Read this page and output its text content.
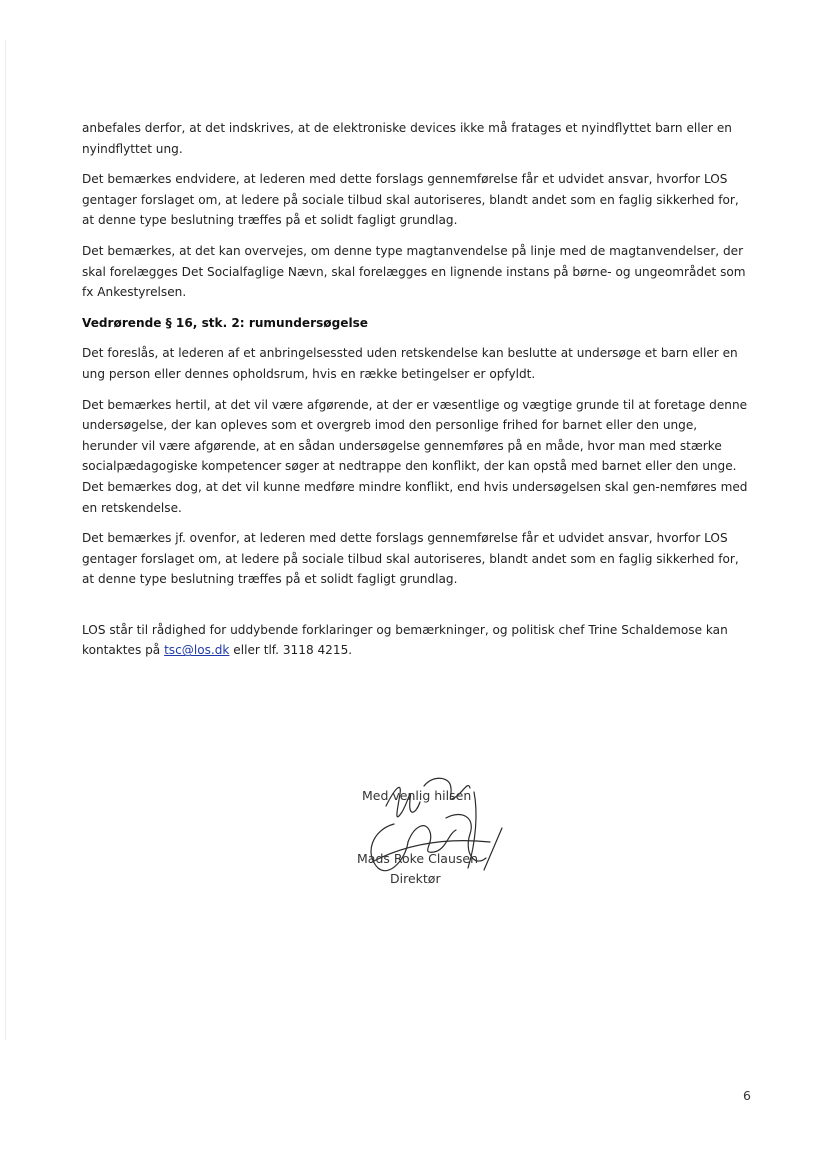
anbefales derfor, at det indskrives, at de elektroniske devices ikke må fratages et nyindflyttet barn eller en nyindflyttet ung.

Det bemærkes endvidere, at lederen med dette forslags gennemførelse får et udvidet ansvar, hvorfor LOS gentager forslaget om, at ledere på sociale tilbud skal autoriseres, blandt andet som en faglig sikkerhed for, at denne type beslutning træffes på et solidt fagligt grundlag.

Det bemærkes, at det kan overvejes, om denne type magtanvendelse på linje med de magtanvendelser, der skal forelægges Det Socialfaglige Nævn, skal forelægges en lignende instans på børne- og ungeområdet som fx Ankestyrelsen.

Vedrørende § 16, stk. 2: rumundersøgelse

Det foreslås, at lederen af et anbringelsessted uden retskendelse kan beslutte at undersøge et barn eller en ung person eller dennes opholdsrum, hvis en række betingelser er opfyldt.

Det bemærkes hertil, at det vil være afgørende, at der er væsentlige og vægtige grunde til at foretage denne undersøgelse, der kan opleves som et overgreb imod den personlige frihed for barnet eller den unge, herunder vil være afgørende, at en sådan undersøgelse gennemføres på en måde, hvor man med stærke socialpædagogiske kompetencer søger at nedtrappe den konflikt, der kan opstå med barnet eller den unge. Det bemærkes dog, at det vil kunne medføre mindre konflikt, end hvis undersøgelsen skal gen-nemføres med en retskendelse.

Det bemærkes jf. ovenfor, at lederen med dette forslags gennemførelse får et udvidet ansvar, hvorfor LOS gentager forslaget om, at ledere på sociale tilbud skal autoriseres, blandt andet som en faglig sikkerhed for, at denne type beslutning træffes på et solidt fagligt grundlag.

LOS står til rådighed for uddybende forklaringer og bemærkninger, og politisk chef Trine Schaldemose kan kontaktes på tsc@los.dk eller tlf. 3118 4215.

Med venlig hilsen
Mads Roke Clausen
Direktør
6
